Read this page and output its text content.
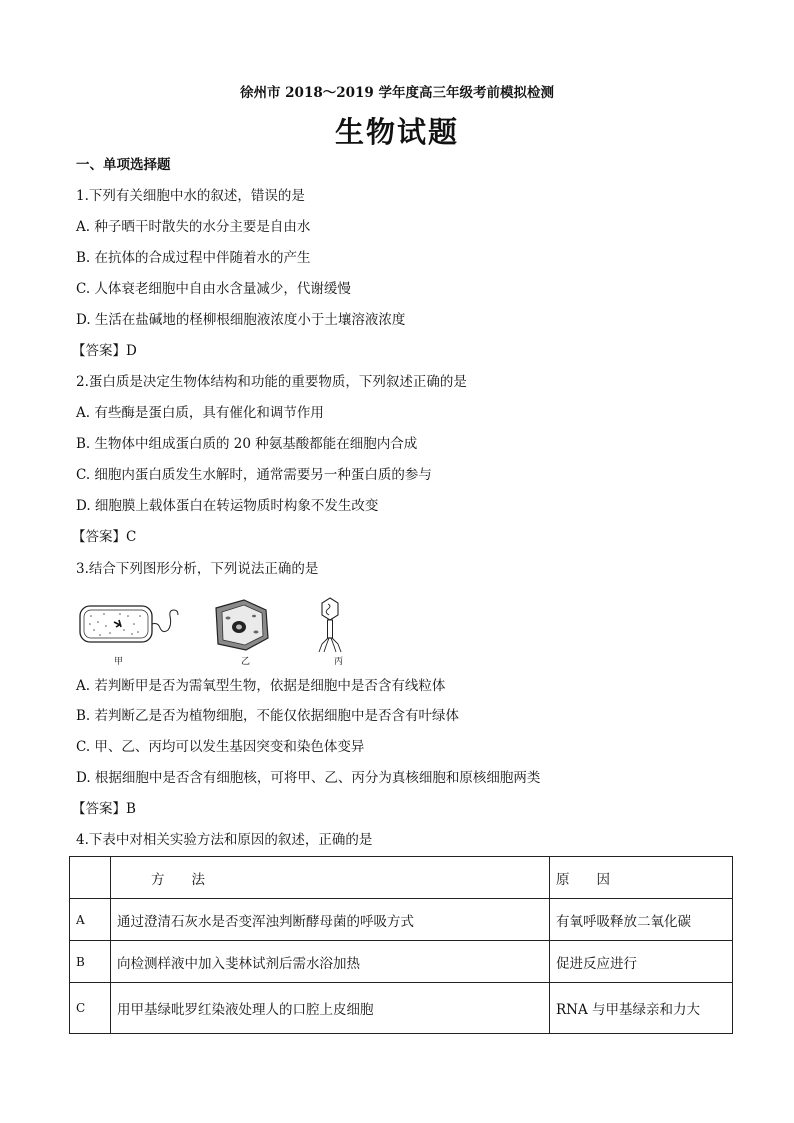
徐州市 2018～2019 学年度高三年级考前模拟检测
生物试题
一、单项选择题
1.下列有关细胞中水的叙述，错误的是
A. 种子晒干时散失的水分主要是自由水
B. 在抗体的合成过程中伴随着水的产生
C. 人体衰老细胞中自由水含量减少，代谢缓慢
D. 生活在盐碱地的柽柳根细胞液浓度小于土壤溶液浓度
【答案】D
2.蛋白质是决定生物体结构和功能的重要物质，下列叙述正确的是
A. 有些酶是蛋白质，具有催化和调节作用
B. 生物体中组成蛋白质的 20 种氨基酸都能在细胞内合成
C. 细胞内蛋白质发生水解时，通常需要另一种蛋白质的参与
D. 细胞膜上载体蛋白在转运物质时构象不发生改变
【答案】C
3.结合下列图形分析，下列说法正确的是
甲	乙	丙
A. 若判断甲是否为需氧型生物，依据是细胞中是否含有线粒体
B. 若判断乙是否为植物细胞，不能仅依据细胞中是否含有叶绿体
C. 甲、乙、丙均可以发生基因突变和染色体变异
D. 根据细胞中是否含有细胞核，可将甲、乙、丙分为真核细胞和原核细胞两类
【答案】B
4.下表中对相关实验方法和原因的叙述，正确的是
	方　　法	原　　因
A	通过澄清石灰水是否变浑浊判断酵母菌的呼吸方式	有氧呼吸释放二氧化碳
B	向检测样液中加入斐林试剂后需水浴加热	促进反应进行
C	用甲基绿吡罗红染液处理人的口腔上皮细胞	RNA 与甲基绿亲和力大
